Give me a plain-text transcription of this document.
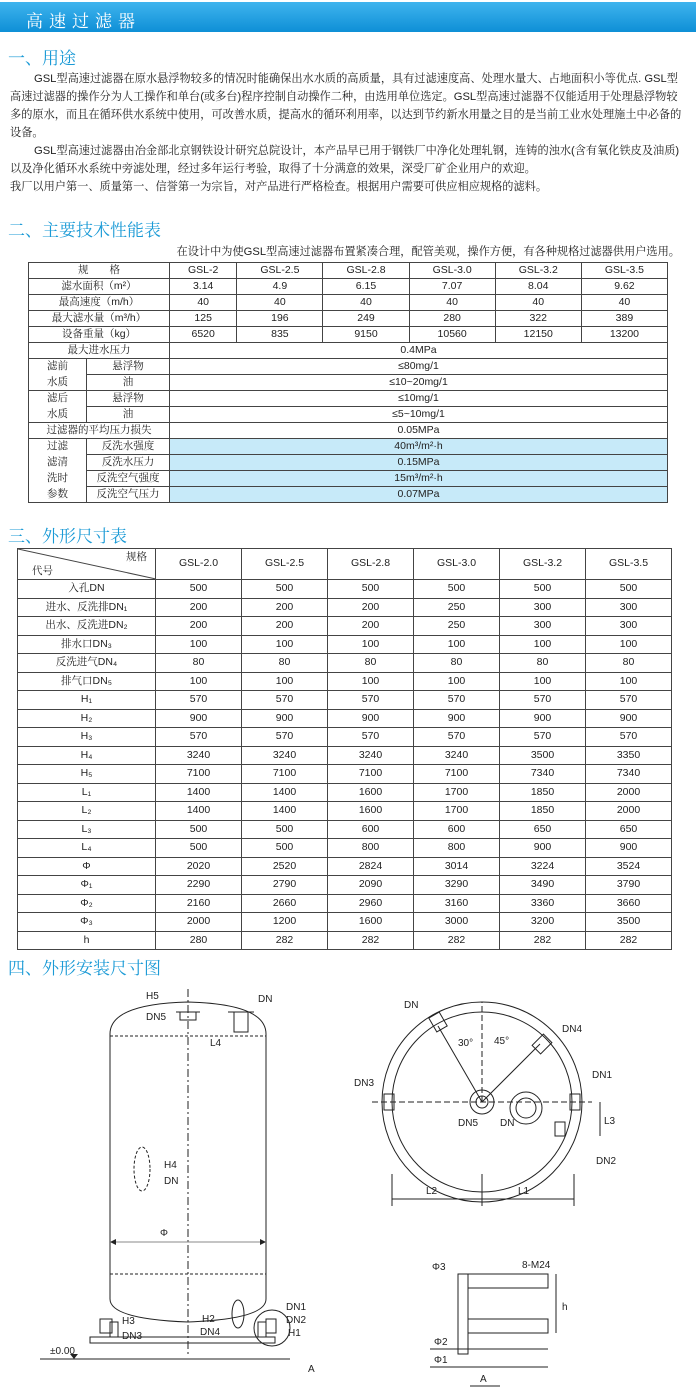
高速过滤器
一、用途

GSL型高速过滤器在原水悬浮物较多的情况时能确保出水水质的高质量，具有过滤速度高、处理水量大、占地面积小等优点. GSL型高速过滤器的操作分为人工操作和单台(或多台)程序控制自动操作二种，由选用单位选定。GSL型高速过滤器不仅能适用于处理悬浮物较多的原水，而且在循环供水系统中使用，可改善水质，提高水的循环利用率，以达到节约新水用量之目的是当前工业水处理施土中必备的设备。

GSL型高速过滤器由冶金部北京钢铁设计研究总院设计，本产品早已用于钢铁厂中净化处理轧钢，连铸的浊水(含有氧化铁皮及油质)以及净化循环水系统中旁滤处理，经过多年运行考验，取得了十分满意的效果，深受厂矿企业用户的欢迎。

我厂以用户第一、质量第一、信誉第一为宗旨，对产品进行严格检查。根据用户需要可供应相应规格的滤料。

二、主要技术性能表
在设计中为使GSL型高速过滤器布置紧凑合理，配管美观，操作方便，有各种规格过滤器供用户选用。
规　　格		GSL-2	GSL-2.5	GSL-2.8	GSL-3.0	GSL-3.2	GSL-3.5
滤水面积（m²）		3.14	4.9	6.15	7.07	8.04	9.62
最高速度（m/h）		40	40	40	40	40	40
最大滤水量（m³/h）		125	196	249	280	322	389
设备重量（kg）		6520	835	9150	10560	12150	13200
最大进水压力		0.4MPa					
滤前	悬浮物	≤80mg/1					
水质	油	≤10~20mg/1					
滤后	悬浮物	≤10mg/1					
水质	油	≤5~10mg/1					
过滤器的平均压力损失		0.05MPa					
过滤	反洗水强度	40m³/m²·h					
滤清	反洗水压力	0.15MPa					
洗时	反洗空气强度	15m³/m²·h					
参数	反洗空气压力	0.07MPa					
三、外形尺寸表
规格
代号	GSL-2.0	GSL-2.5	GSL-2.8	GSL-3.0	GSL-3.2	GSL-3.5
入孔DN	500	500	500	500	500	500
进水、反洗排DN₁	200	200	200	250	300	300
出水、反洗进DN₂	200	200	200	250	300	300
排水口DN₃	100	100	100	100	100	100
反洗进气DN₄	80	80	80	80	80	80
排气口DN₅	100	100	100	100	100	100
H₁	570	570	570	570	570	570
H₂	900	900	900	900	900	900
H₃	570	570	570	570	570	570
H₄	3240	3240	3240	3240	3500	3350
H₅	7100	7100	7100	7100	7340	7340
L₁	1400	1400	1600	1700	1850	2000
L₂	1400	1400	1600	1700	1850	2000
L₃	500	500	600	600	650	650
L₄	500	500	800	800	900	900
Φ	2020	2520	2824	3014	3224	3524
Φ₁	2290	2790	2090	3290	3490	3790
Φ₂	2160	2660	2960	3160	3360	3660
Φ₃	2000	1200	1600	3000	3200	3500
h	280	282	282	282	282	282
四、外形安装尺寸图
H5
DN5
DN
L4
H4
DN
Φ
DN1
DN2
H1
H2
DN4
H3
DN3
±0.00
A
DN
DN4
30° 45°
DN3
DN1
DN5 DN
DN2
L2	L1
L3
Φ3	8-M24
h
Φ2
Φ1
A
